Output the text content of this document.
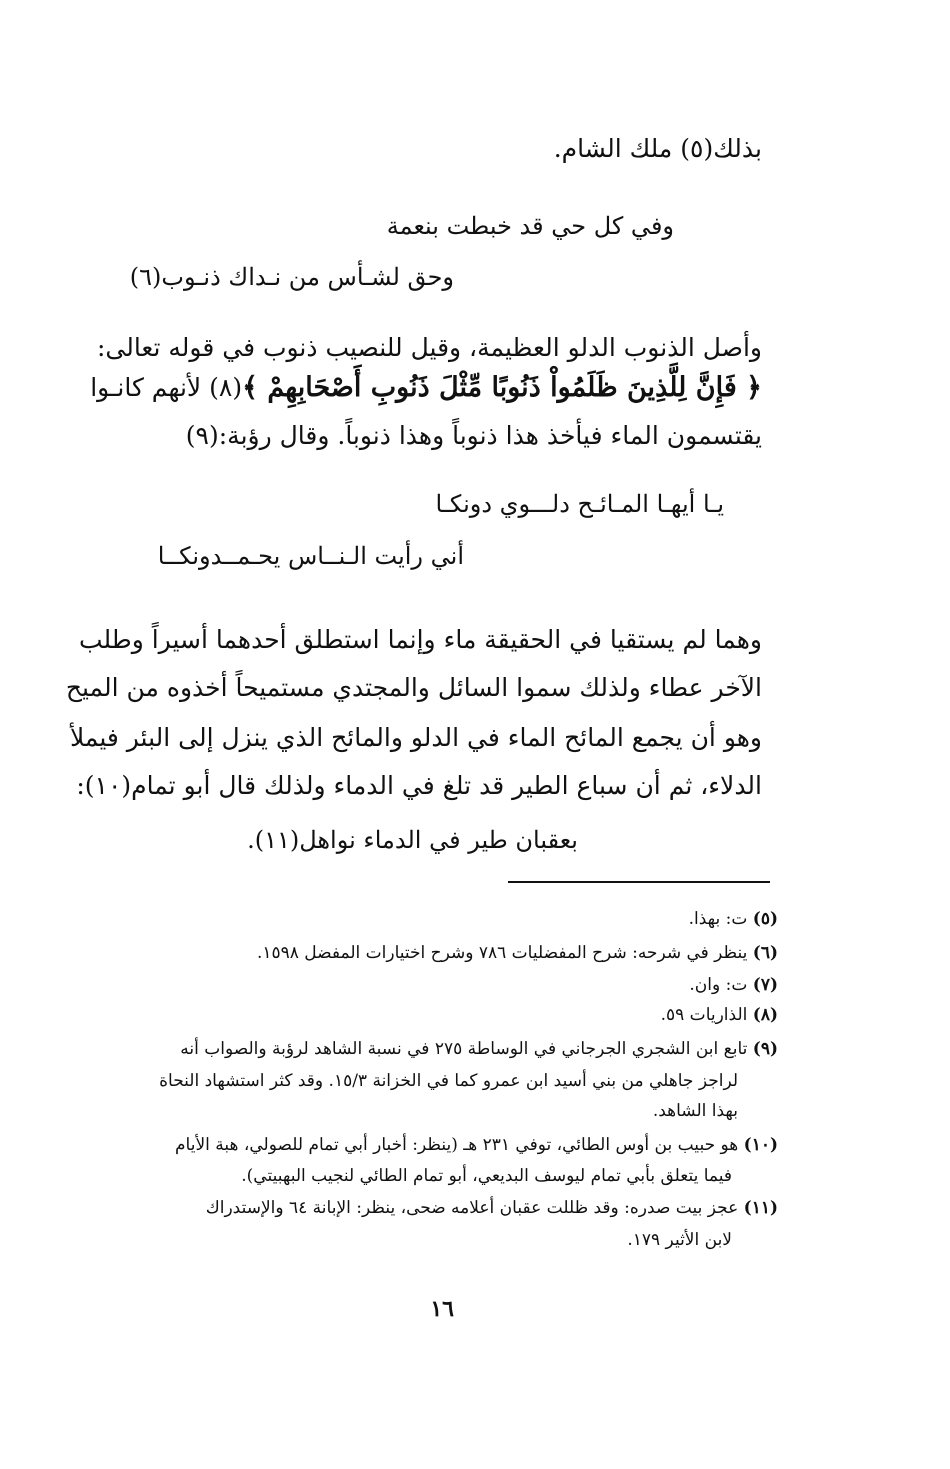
بذلك(٥) ملك الشام.
وفي كل حي قد خبطت بنعمة
وحق لشـأس من نـداك ذنـوب(٦)
وأصل الذنوب الدلو العظيمة، وقيل للنصيب ذنوب في قوله تعالى:
﴿ فَإِنَّ لِلَّذِينَ ظَلَمُواْ ذَنُوبًا مِّثْلَ ذَنُوبِ أَصْحَابِهِمْ ﴾
(٨) لأنهم كانـوا
يقتسمون الماء فيأخذ هذا ذنوباً وهذا ذنوباً. وقال رؤبة:(٩)
يـا أيهـا المـائـح دلـــوي دونكـا
أني رأيت الـنــاس يحـمــدونكــا
وهما لم يستقيا في الحقيقة ماء وإنما استطلق أحدهما أسيراً وطلب
الآخر عطاء ولذلك سموا السائل والمجتدي مستميحاً أخذوه من الميح
وهو أن يجمع المائح الماء في الدلو والمائح الذي ينزل إلى البئر فيملأ
الدلاء، ثم أن سباع الطير قد تلغ في الدماء ولذلك قال أبو تمام(١٠):
بعقبان طير في الدماء نواهل(١١).
(٥) ت: بهذا.
(٦) ينظر في شرحه: شرح المفضليات ٧٨٦ وشرح اختيارات المفضل ١٥٩٨.
(٧) ت: وان.
(٨) الذاريات ٥٩.
(٩) تابع ابن الشجري الجرجاني في الوساطة ٢٧٥ في نسبة الشاهد لرؤبة والصواب أنه
لراجز جاهلي من بني أسيد ابن عمرو كما في الخزانة ١٥/٣. وقد كثر استشهاد النحاة
بهذا الشاهد.
(١٠) هو حبيب بن أوس الطائي، توفي ٢٣١ هـ (ينظر: أخبار أبي تمام للصولي، هبة الأيام
فيما يتعلق بأبي تمام ليوسف البديعي، أبو تمام الطائي لنجيب البهبيتي).
(١١) عجز بيت صدره: وقد ظللت عقبان أعلامه ضحى، ينظر: الإبانة ٦٤ والإستدراك
لابن الأثير ١٧٩.
١٦
